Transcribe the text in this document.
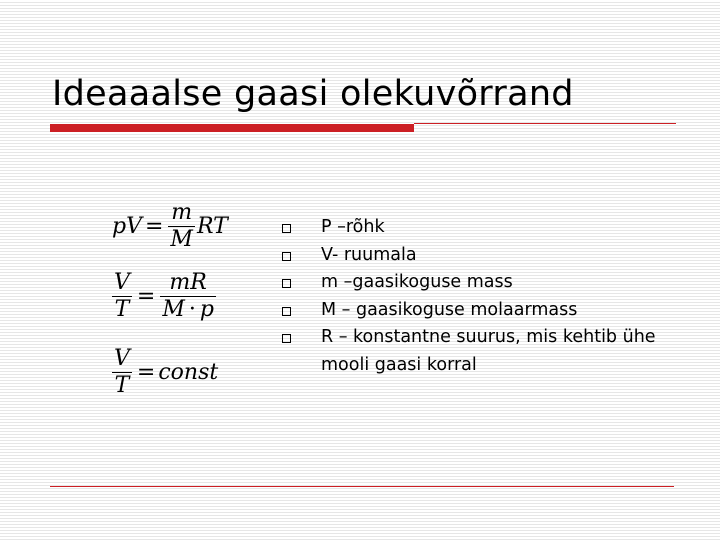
Ideaaalse gaasi olekuvõrrand
pV = $\frac{m}{M}$ RT
$\frac{V}{T} = \frac{mR}{M \cdot p}$
$\frac{V}{T}$ = const
P –rõhk
V- ruumala
m –gaasikoguse mass
M – gaasikoguse molaarmass
R – konstantne suurus, mis kehtib ühe mooli gaasi korral
